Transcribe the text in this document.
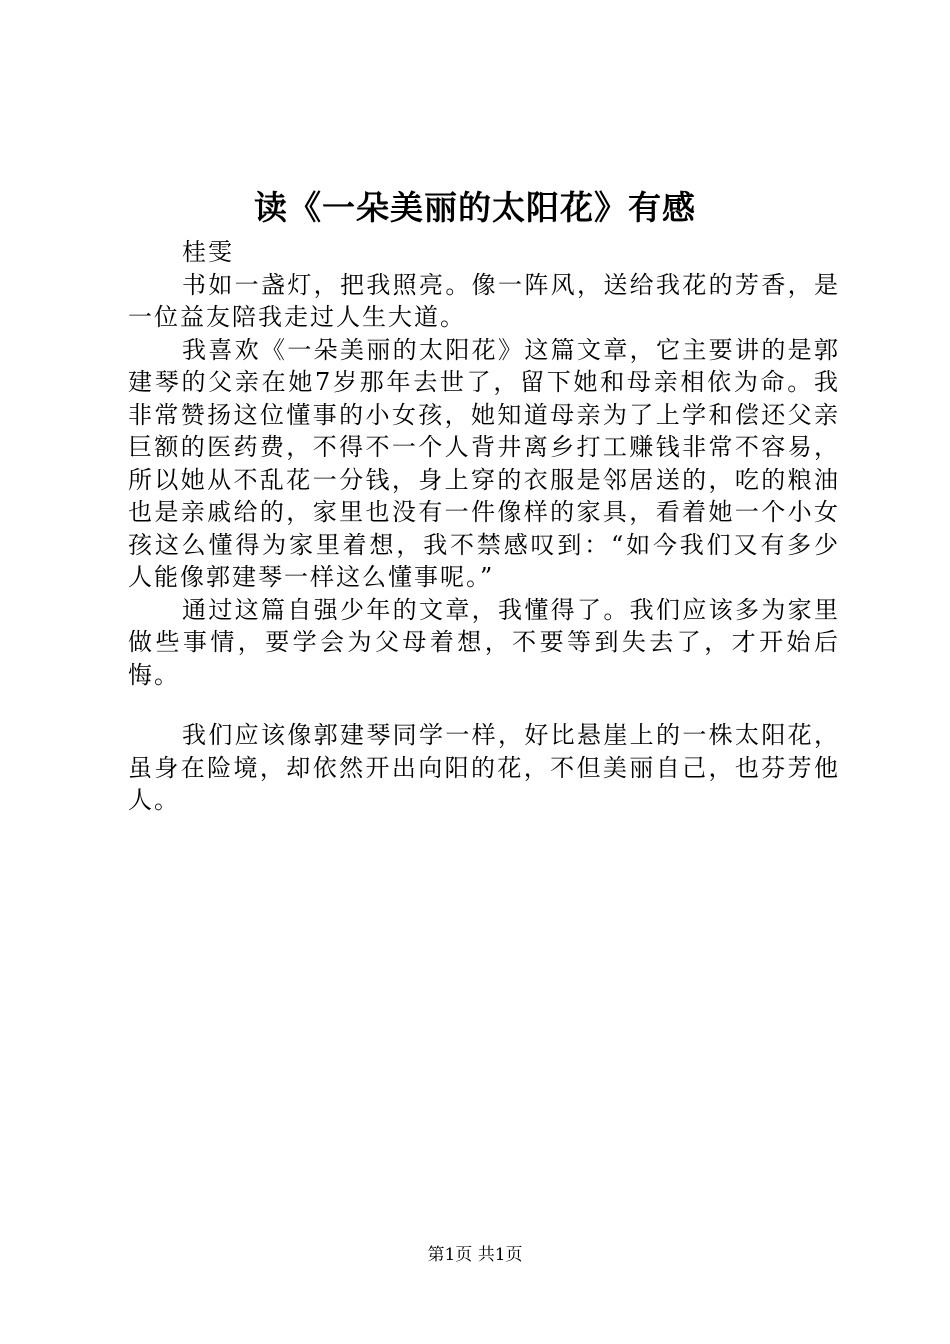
读《一朵美丽的太阳花》有感

桂雯

书如一盏灯，把我照亮。像一阵风，送给我花的芳香，是一位益友陪我走过人生大道。

我喜欢《一朵美丽的太阳花》这篇文章，它主要讲的是郭建琴的父亲在她7岁那年去世了，留下她和母亲相依为命。我非常赞扬这位懂事的小女孩，她知道母亲为了上学和偿还父亲巨额的医药费，不得不一个人背井离乡打工赚钱非常不容易，所以她从不乱花一分钱，身上穿的衣服是邻居送的，吃的粮油也是亲戚给的，家里也没有一件像样的家具，看着她一个小女孩这么懂得为家里着想，我不禁感叹到：“如今我们又有多少人能像郭建琴一样这么懂事呢。”

通过这篇自强少年的文章，我懂得了。我们应该多为家里做些事情，要学会为父母着想，不要等到失去了，才开始后悔。

我们应该像郭建琴同学一样，好比悬崖上的一株太阳花，虽身在险境，却依然开出向阳的花，不但美丽自己，也芬芳他人。

第1页 共1页
